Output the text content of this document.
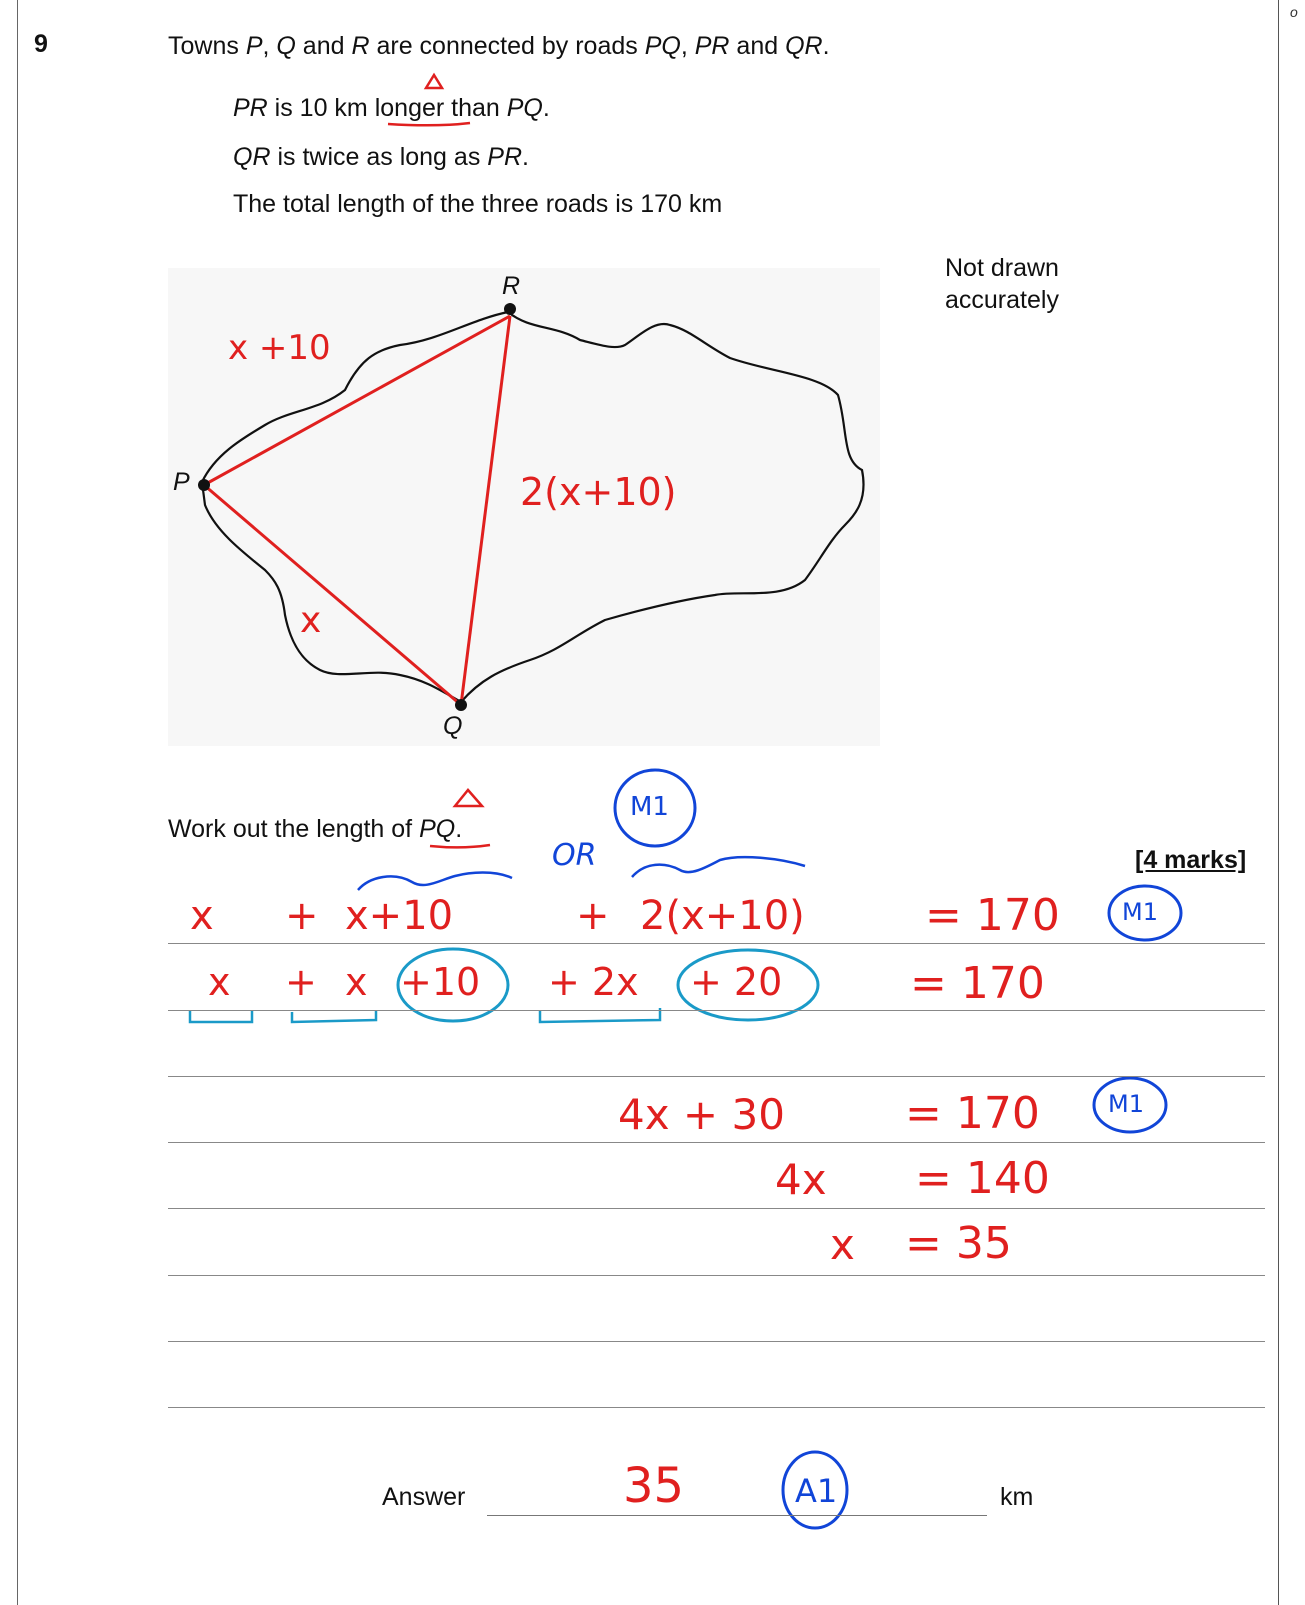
o
9	Towns P, Q and R are connected by roads PQ, PR and QR.
PR is 10 km longer than PQ.
QR is twice as long as PR.
The total length of the three roads is 170 km
Not drawn
accurately
R
P
Q
x +10
2(x+10)
x
Work out the length of PQ.
[4 marks]
OR
M1
M1
M1
x + x+10	+ 2(x+10)	= 170
x + x +10 + 2x + 20	= 170
4x + 30	= 170
4x = 140
x = 35
Answer	35	A1	km
